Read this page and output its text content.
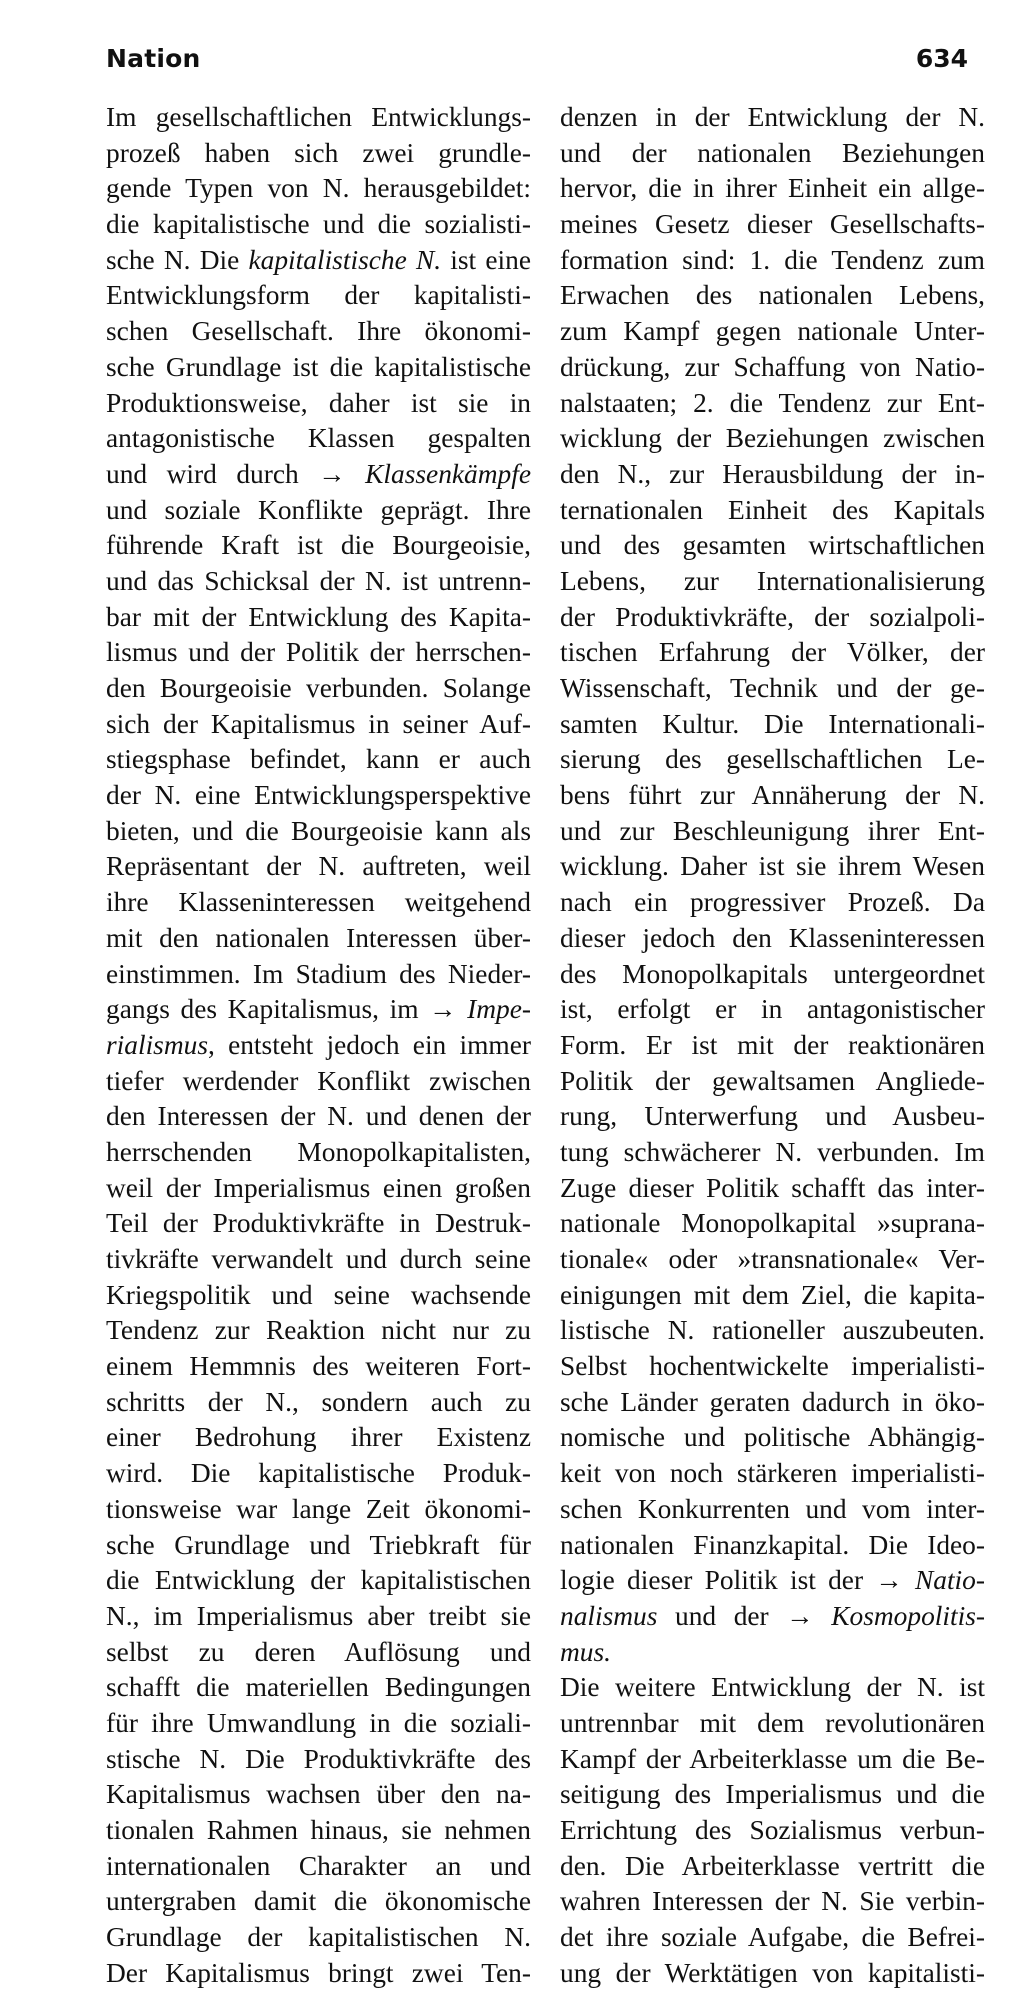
Nation	634
Im gesellschaftlichen Entwicklungs-
prozeß haben sich zwei grundle-
gende Typen von N. herausgebildet:
die kapitalistische und die sozialisti-
sche N. Die kapitalistische N. ist eine
Entwicklungsform der kapitalisti-
schen Gesellschaft. Ihre ökonomi-
sche Grundlage ist die kapitalistische
Produktionsweise, daher ist sie in
antagonistische Klassen gespalten
und wird durch → Klassenkämpfe
und soziale Konflikte geprägt. Ihre
führende Kraft ist die Bourgeoisie,
und das Schicksal der N. ist untrenn-
bar mit der Entwicklung des Kapita-
lismus und der Politik der herrschen-
den Bourgeoisie verbunden. Solange
sich der Kapitalismus in seiner Auf-
stiegsphase befindet, kann er auch
der N. eine Entwicklungsperspektive
bieten, und die Bourgeoisie kann als
Repräsentant der N. auftreten, weil
ihre Klasseninteressen weitgehend
mit den nationalen Interessen über-
einstimmen. Im Stadium des Nieder-
gangs des Kapitalismus, im → Impe-
rialismus, entsteht jedoch ein immer
tiefer werdender Konflikt zwischen
den Interessen der N. und denen der
herrschenden Monopolkapitalisten,
weil der Imperialismus einen großen
Teil der Produktivkräfte in Destruk-
tivkräfte verwandelt und durch seine
Kriegspolitik und seine wachsende
Tendenz zur Reaktion nicht nur zu
einem Hemmnis des weiteren Fort-
schritts der N., sondern auch zu
einer Bedrohung ihrer Existenz
wird. Die kapitalistische Produk-
tionsweise war lange Zeit ökonomi-
sche Grundlage und Triebkraft für
die Entwicklung der kapitalistischen
N., im Imperialismus aber treibt sie
selbst zu deren Auflösung und
schafft die materiellen Bedingungen
für ihre Umwandlung in die soziali-
stische N. Die Produktivkräfte des
Kapitalismus wachsen über den na-
tionalen Rahmen hinaus, sie nehmen
internationalen Charakter an und
untergraben damit die ökonomische
Grundlage der kapitalistischen N.
Der Kapitalismus bringt zwei Ten-
denzen in der Entwicklung der N.
und der nationalen Beziehungen
hervor, die in ihrer Einheit ein allge-
meines Gesetz dieser Gesellschafts-
formation sind: 1. die Tendenz zum
Erwachen des nationalen Lebens,
zum Kampf gegen nationale Unter-
drückung, zur Schaffung von Natio-
nalstaaten; 2. die Tendenz zur Ent-
wicklung der Beziehungen zwischen
den N., zur Herausbildung der in-
ternationalen Einheit des Kapitals
und des gesamten wirtschaftlichen
Lebens, zur Internationalisierung
der Produktivkräfte, der sozialpoli-
tischen Erfahrung der Völker, der
Wissenschaft, Technik und der ge-
samten Kultur. Die Internationali-
sierung des gesellschaftlichen Le-
bens führt zur Annäherung der N.
und zur Beschleunigung ihrer Ent-
wicklung. Daher ist sie ihrem Wesen
nach ein progressiver Prozeß. Da
dieser jedoch den Klasseninteressen
des Monopolkapitals untergeordnet
ist, erfolgt er in antagonistischer
Form. Er ist mit der reaktionären
Politik der gewaltsamen Angliede-
rung, Unterwerfung und Ausbeu-
tung schwächerer N. verbunden. Im
Zuge dieser Politik schafft das inter-
nationale Monopolkapital »suprana-
tionale« oder »transnationale« Ver-
einigungen mit dem Ziel, die kapita-
listische N. rationeller auszubeuten.
Selbst hochentwickelte imperialisti-
sche Länder geraten dadurch in öko-
nomische und politische Abhängig-
keit von noch stärkeren imperialisti-
schen Konkurrenten und vom inter-
nationalen Finanzkapital. Die Ideo-
logie dieser Politik ist der → Natio-
nalismus und der → Kosmopolitis-
mus.
Die weitere Entwicklung der N. ist
untrennbar mit dem revolutionären
Kampf der Arbeiterklasse um die Be-
seitigung des Imperialismus und die
Errichtung des Sozialismus verbun-
den. Die Arbeiterklasse vertritt die
wahren Interessen der N. Sie verbin-
det ihre soziale Aufgabe, die Befrei-
ung der Werktätigen von kapitalisti-
